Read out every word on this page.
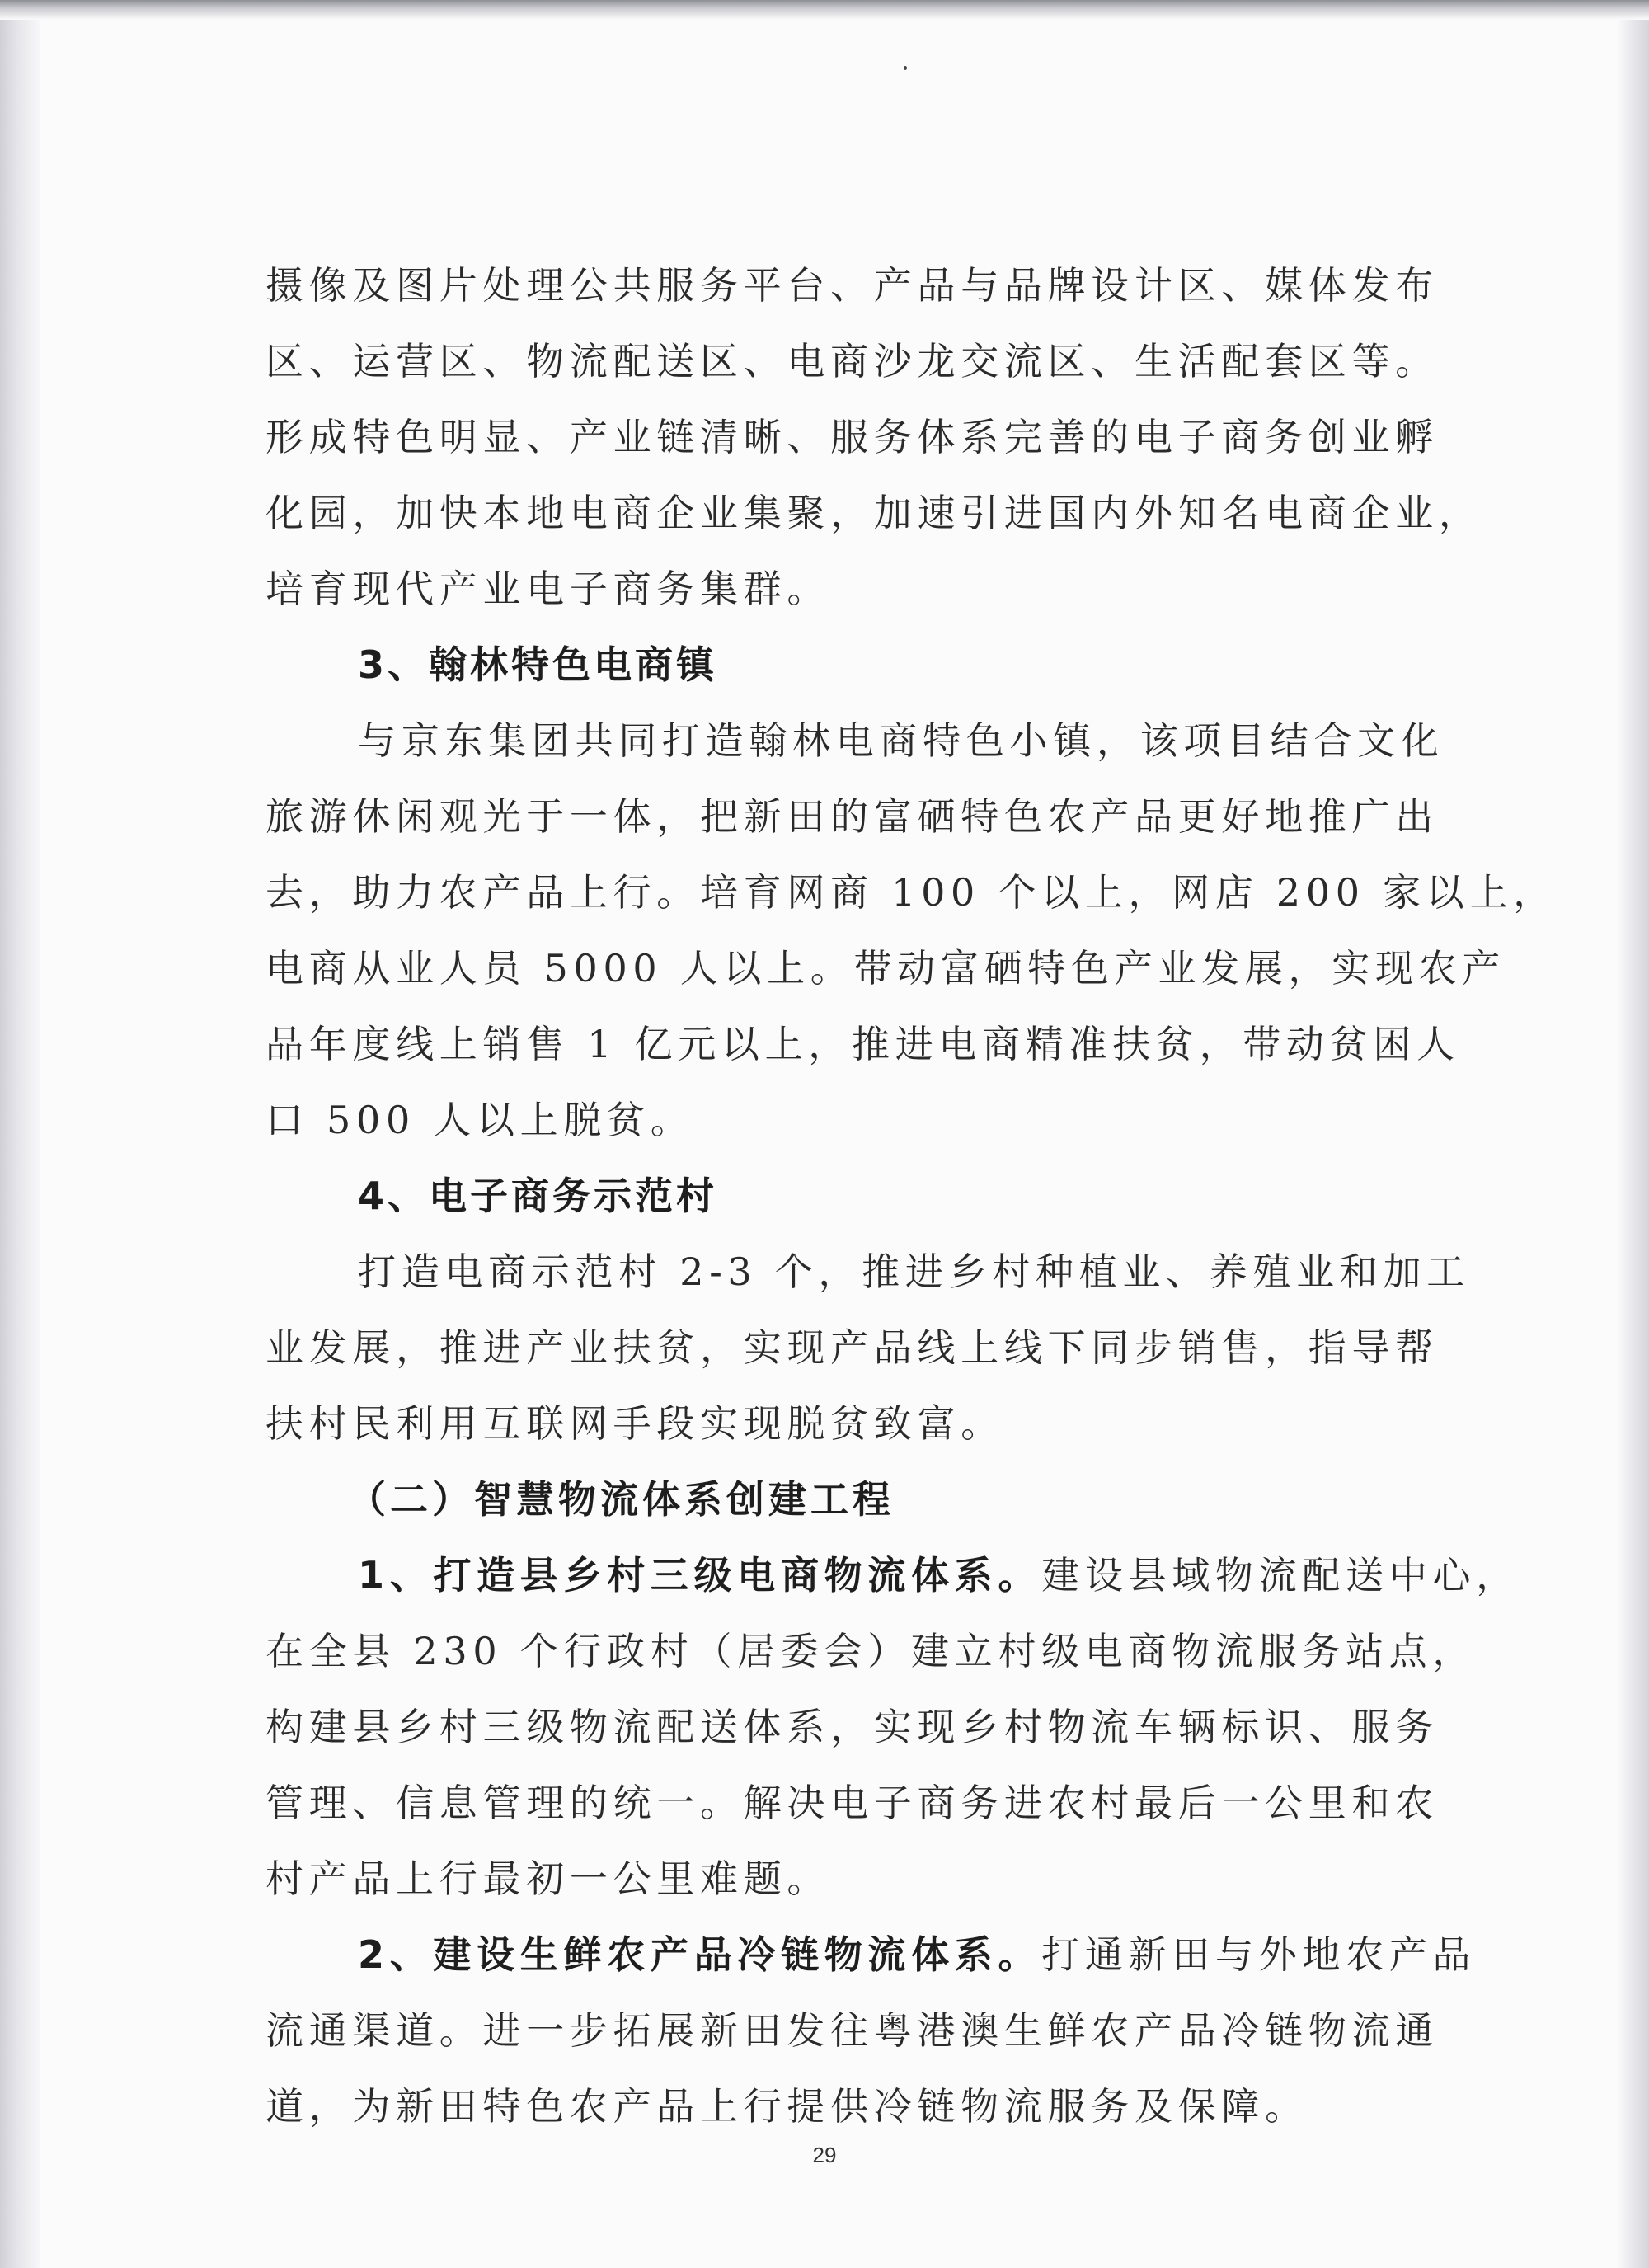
摄像及图片处理公共服务平台、产品与品牌设计区、媒体发布
区、运营区、物流配送区、电商沙龙交流区、生活配套区等。
形成特色明显、产业链清晰、服务体系完善的电子商务创业孵
化园，加快本地电商企业集聚，加速引进国内外知名电商企业，
培育现代产业电子商务集群。
3、翰林特色电商镇
与京东集团共同打造翰林电商特色小镇，该项目结合文化
旅游休闲观光于一体，把新田的富硒特色农产品更好地推广出
去，助力农产品上行。培育网商 100 个以上，网店 200 家以上，
电商从业人员 5000 人以上。带动富硒特色产业发展，实现农产
品年度线上销售 1 亿元以上，推进电商精准扶贫，带动贫困人
口 500 人以上脱贫。
4、电子商务示范村
打造电商示范村 2-3 个，推进乡村种植业、养殖业和加工
业发展，推进产业扶贫，实现产品线上线下同步销售，指导帮
扶村民利用互联网手段实现脱贫致富。
（二）智慧物流体系创建工程
1、打造县乡村三级电商物流体系。建设县域物流配送中心，
在全县 230 个行政村（居委会）建立村级电商物流服务站点，
构建县乡村三级物流配送体系，实现乡村物流车辆标识、服务
管理、信息管理的统一。解决电子商务进农村最后一公里和农
村产品上行最初一公里难题。
2、建设生鲜农产品冷链物流体系。打通新田与外地农产品
流通渠道。进一步拓展新田发往粤港澳生鲜农产品冷链物流通
道，为新田特色农产品上行提供冷链物流服务及保障。
29
